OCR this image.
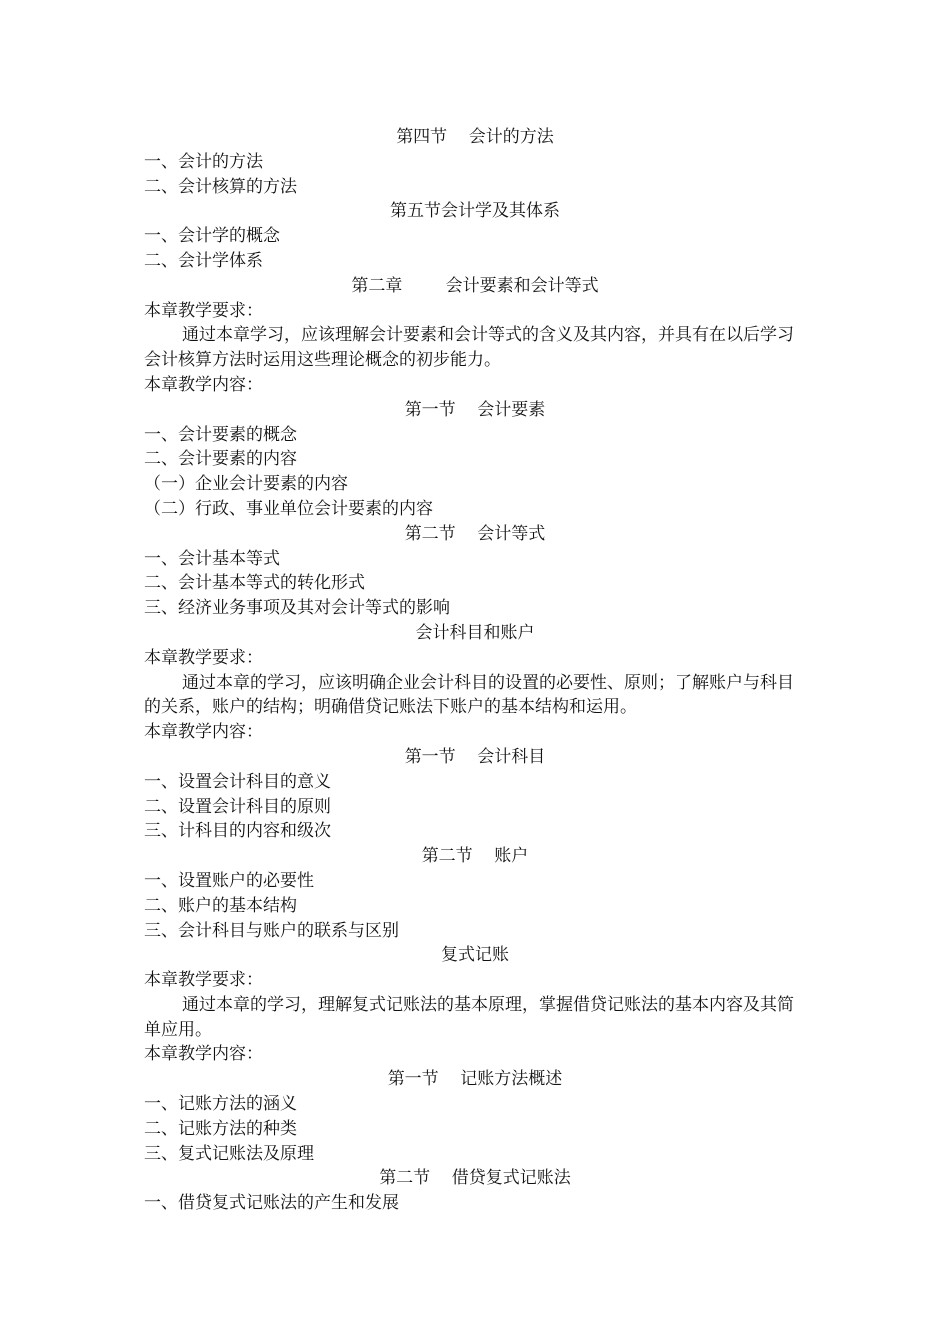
第四节    会计的方法
一、会计的方法
二、会计核算的方法
第五节会计学及其体系
一、会计学的概念
二、会计学体系
第二章        会计要素和会计等式
本章教学要求：
通过本章学习，应该理解会计要素和会计等式的含义及其内容，并具有在以后学习会计核算方法时运用这些理论概念的初步能力。
本章教学内容：
第一节    会计要素
一、会计要素的概念
二、会计要素的内容
（一）企业会计要素的内容
（二）行政、事业单位会计要素的内容
第二节    会计等式
一、会计基本等式
二、会计基本等式的转化形式
三、经济业务事项及其对会计等式的影响
会计科目和账户
本章教学要求：
通过本章的学习，应该明确企业会计科目的设置的必要性、原则；了解账户与科目的关系，账户的结构；明确借贷记账法下账户的基本结构和运用。
本章教学内容：
第一节    会计科目
一、设置会计科目的意义
二、设置会计科目的原则
三、计科目的内容和级次
第二节    账户
一、设置账户的必要性
二、账户的基本结构
三、会计科目与账户的联系与区别
复式记账
本章教学要求：
通过本章的学习，理解复式记账法的基本原理，掌握借贷记账法的基本内容及其简单应用。
本章教学内容：
第一节    记账方法概述
一、记账方法的涵义
二、记账方法的种类
三、复式记账法及原理
第二节    借贷复式记账法
一、借贷复式记账法的产生和发展
